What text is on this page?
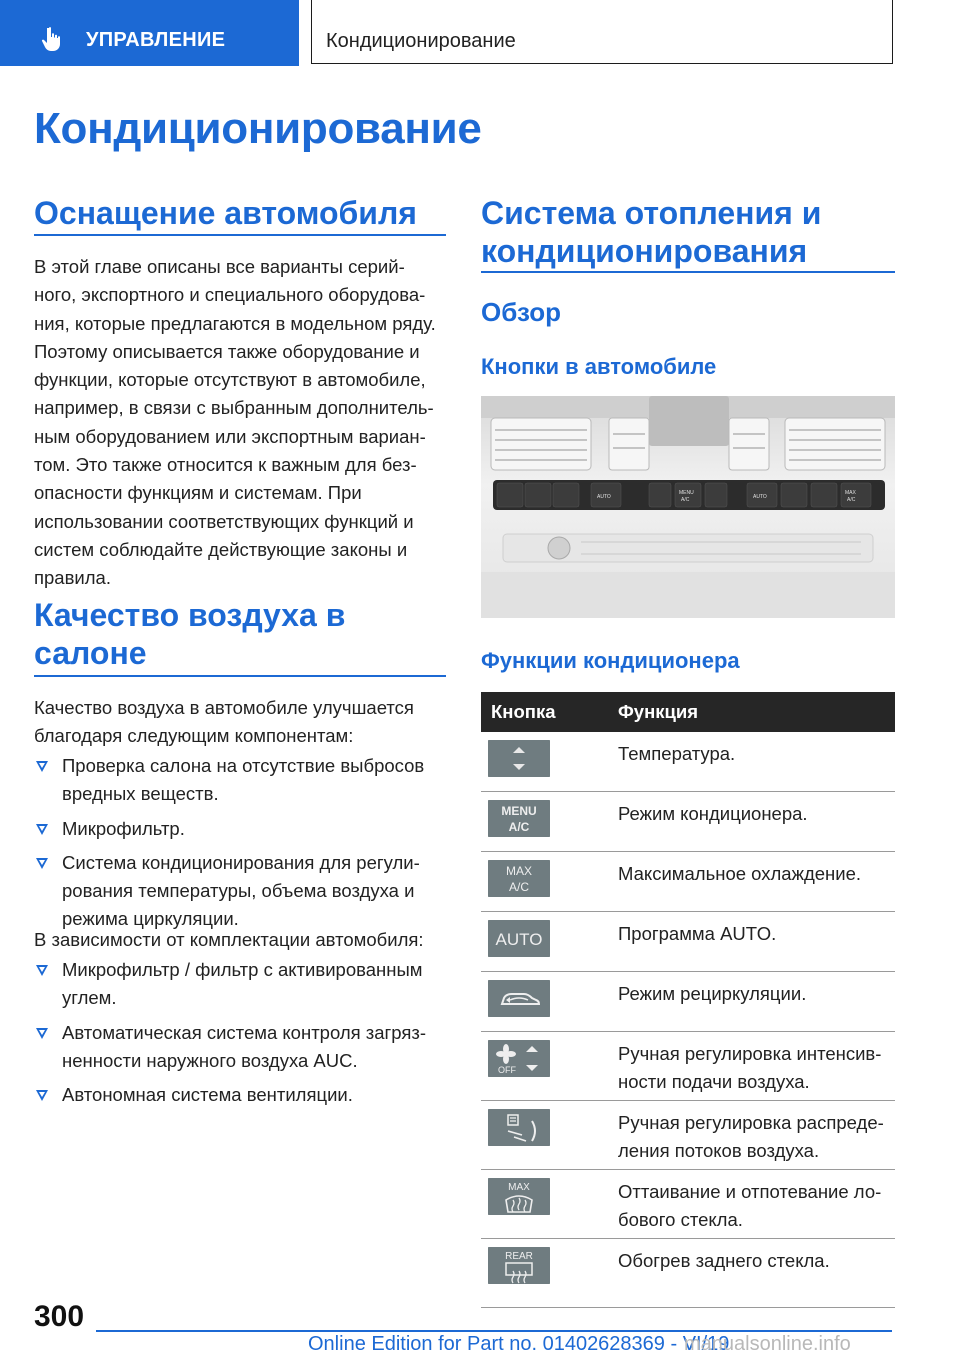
УПРАВЛЕНИЕ	Кондиционирование
Кондиционирование
Оснащение автомобиля
В этой главе описаны все варианты серий-
ного, экспортного и специального оборудова-
ния, которые предлагаются в модельном ряду.
Поэтому описывается также оборудование и
функции, которые отсутствуют в автомобиле,
например, в связи с выбранным дополнитель-
ным оборудованием или экспортным вариан-
том. Это также относится к важным для без-
опасности функциям и системам. При
использовании соответствующих функций и
систем соблюдайте действующие законы и
правила.
Качество воздуха в
салоне
Качество воздуха в автомобиле улучшается
благодаря следующим компонентам:
Проверка салона на отсутствие выбросов
вредных веществ.
Микрофильтр.
Система кондиционирования для регули-
рования температуры, объема воздуха и
режима циркуляции.
В зависимости от комплектации автомобиля:
Микрофильтр / фильтр с активированным
углем.
Автоматическая система контроля загряз-
ненности наружного воздуха AUC.
Автономная система вентиляции.
Система отопления и
кондиционирования
Обзор
Кнопки в автомобиле
AUTO	AUTO
MENU
A/C
MAX
A/C
Функции кондиционера
Кнопка	Функция

Температура.

MENU
A/C	Режим кондиционера.

MAX
A/C	Максимальное охлаждение.

AUTO	Программа AUTO.

Режим рециркуляции.

OFF	Ручная регулировка интенсив-
ности подачи воздуха.

Ручная регулировка распреде-
ления потоков воздуха.

MAX	Оттаивание и отпотевание ло-
бового стекла.

REAR	Обогрев заднего стекла.
300
Online Edition for Part no. 01402628369 - VI/19
manualsonline.info
